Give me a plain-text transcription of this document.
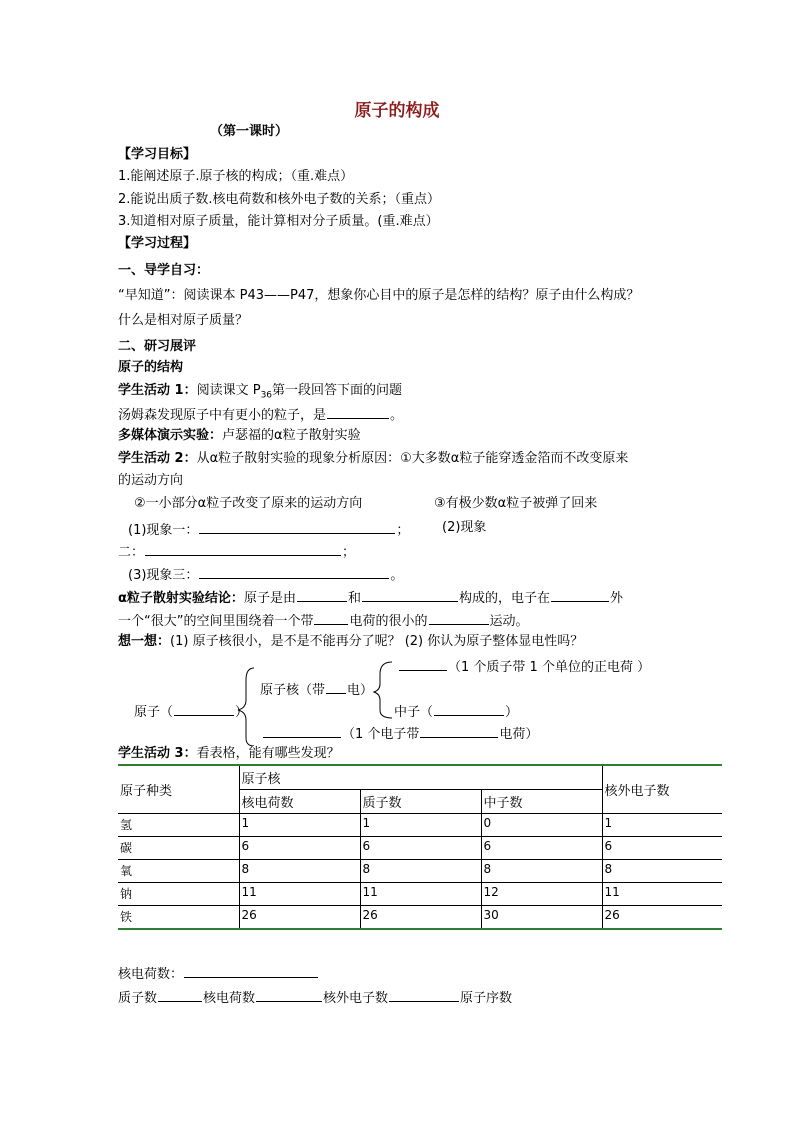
原子的构成
（第一课时）
【学习目标】
1.能阐述原子.原子核的构成；（重.难点）
2.能说出质子数.核电荷数和核外电子数的关系；（重点）
3.知道相对原子质量，能计算相对分子质量。(重.难点）
【学习过程】
一、导学自习：
“早知道”：阅读课本 P43——P47，想象你心目中的原子是怎样的结构？原子由什么构成？
什么是相对原子质量？
二、研习展评
原子的结构
学生活动 1：阅读课文 $P_{36}$第一段回答下面的问题
汤姆森发现原子中有更小的粒子，是	。
多媒体演示实验：卢瑟福的α粒子散射实验
学生活动 2：从α粒子散射实验的现象分析原因：①大多数α粒子能穿透金箔而不改变原来
的运动方向
②一小部分α粒子改变了原来的运动方向	③有极少数α粒子被弹了回来
(1)现象一：	；	(2)现象
二：	；
(3)现象三：	。
α粒子散射实验结论：原子是由	和	构成的，电子在	外
一个“很大”的空间里围绕着一个带	电荷的很小的	运动。
想一想：(1) 原子核很小，是不是不能再分了呢？ (2) 你认为原子整体显电性吗？
（1 个质子带 1 个单位的正电荷 ）
原子核（带 电）
原子（	）	中子（	）
（1 个电子带	电荷）
学生活动 3：看表格，能有哪些发现？
原子种类	原子核			核外电子数
	核电荷数	质子数	中子数	
氢	1	1	0	1
碳	6	6	6	6
氧	8	8	8	8
钠	11	11	12	11
铁	26	26	30	26
核电荷数：
质子数	核电荷数	核外电子数	原子序数
